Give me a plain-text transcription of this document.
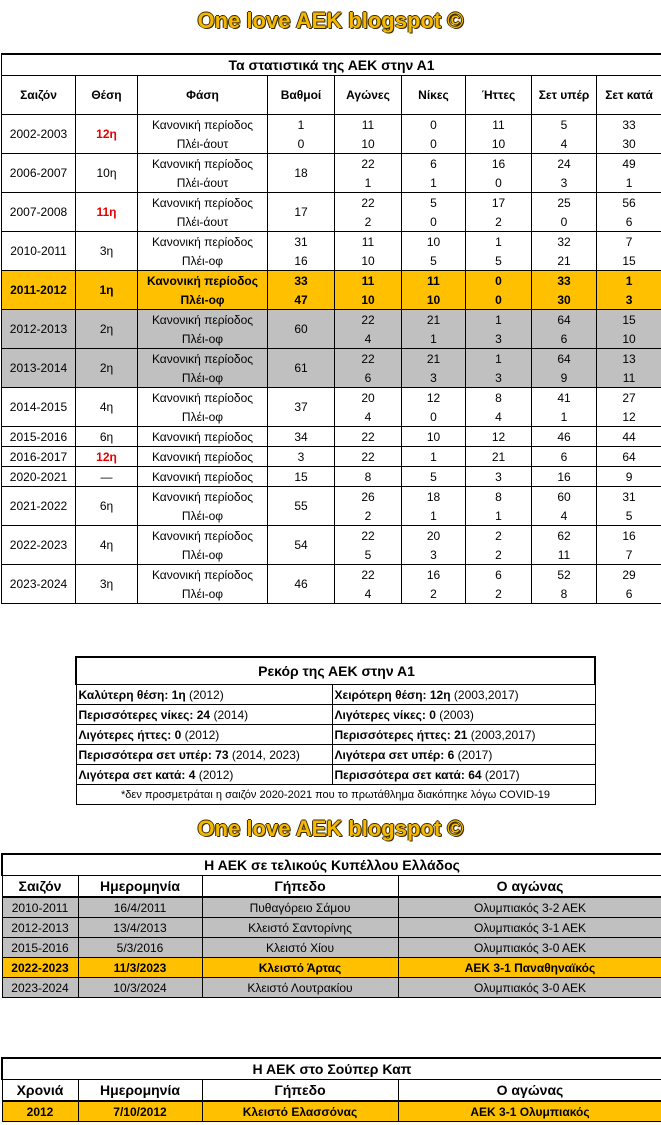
One love AEK blogspot ©
Τα στατιστικά της ΑΕΚ στην Α1								
Σαιζόν	Θέση	Φάση	Βαθμοί	Αγώνες	Νίκες	Ήττες	Σετ υπέρ	Σετ κατά
2002-2003	12η	Κανονική περίοδος	1	11	0	11	5	33
		Πλέι-άουτ	0	10	0	10	4	30
2006-2007	10η	Κανονική περίοδος	18	22	6	16	24	49
		Πλέι-άουτ		1	1	0	3	1
2007-2008	11η	Κανονική περίοδος	17	22	5	17	25	56
		Πλέι-άουτ		2	0	2	0	6
2010-2011	3η	Κανονική περίοδος	31	11	10	1	32	7
		Πλέι-οφ	16	10	5	5	21	15
2011-2012	1η	Κανονική περίοδος	33	11	11	0	33	1
		Πλέι-οφ	47	10	10	0	30	3
2012-2013	2η	Κανονική περίοδος	60	22	21	1	64	15
		Πλέι-οφ		4	1	3	6	10
2013-2014	2η	Κανονική περίοδος	61	22	21	1	64	13
		Πλέι-οφ		6	3	3	9	11
2014-2015	4η	Κανονική περίοδος	37	20	12	8	41	27
		Πλέι-οφ		4	0	4	1	12
2015-2016	6η	Κανονική περίοδος	34	22	10	12	46	44
2016-2017	12η	Κανονική περίοδος	3	22	1	21	6	64
2020-2021	—	Κανονική περίοδος	15	8	5	3	16	9
2021-2022	6η	Κανονική περίοδος	55	26	18	8	60	31
		Πλέι-οφ		2	1	1	4	5
2022-2023	4η	Κανονική περίοδος	54	22	20	2	62	16
		Πλέι-οφ		5	3	2	11	7
2023-2024	3η	Κανονική περίοδος	46	22	16	6	52	29
		Πλέι-οφ		4	2	2	8	6
Ρεκόρ της ΑΕΚ στην Α1	
Καλύτερη θέση: 1η (2012)	Χειρότερη θέση: 12η (2003,2017)
Περισσότερες νίκες: 24 (2014)	Λιγότερες νίκες: 0 (2003)
Λιγότερες ήττες: 0 (2012)	Περισσότερες ήττες: 21 (2003,2017)
Περισσότερα σετ υπέρ: 73 (2014, 2023)	Λιγότερα σετ υπέρ: 6 (2017)
Λιγότερα σετ κατά: 4 (2012)	Περισσότερα σετ κατά: 64 (2017)
*δεν προσμετράται η σαιζόν 2020-2021 που το πρωτάθλημα διακόπηκε λόγω COVID-19	
One love AEK blogspot ©
Η ΑΕΚ σε τελικούς Κυπέλλου Ελλάδος			
Σαιζόν	Ημερομηνία	Γήπεδο	Ο αγώνας
2010-2011	16/4/2011	Πυθαγόρειο Σάμου	Ολυμπιακός 3-2 ΑΕΚ
2012-2013	13/4/2013	Κλειστό Σαντορίνης	Ολυμπιακός 3-1 ΑΕΚ
2015-2016	5/3/2016	Κλειστό Χίου	Ολυμπιακός 3-0 ΑΕΚ
2022-2023	11/3/2023	Κλειστό Άρτας	ΑΕΚ 3-1 Παναθηναϊκός
2023-2024	10/3/2024	Κλειστό Λουτρακίου	Ολυμπιακός 3-0 ΑΕΚ
Η ΑΕΚ στο Σούπερ Καπ			
Χρονιά	Ημερομηνία	Γήπεδο	Ο αγώνας
2012	7/10/2012	Κλειστό Ελασσόνας	ΑΕΚ 3-1 Ολυμπιακός
